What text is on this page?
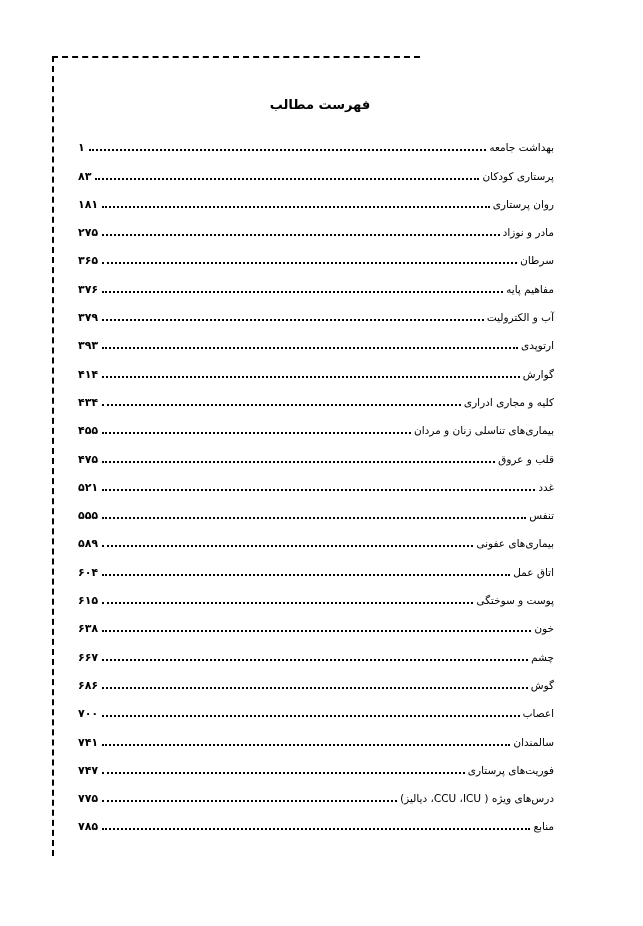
فهرست مطالب
۱	بهداشت جامعه
۸۳	پرستاری کودکان
۱۸۱	روان پرستاری
۲۷۵	مادر و نوزاد
۳۶۵	سرطان
۳۷۶	مفاهیم پایه
۳۷۹	آب و الکترولیت
۳۹۳	ارتوپدی
۴۱۴	گوارش
۴۳۴	کلیه و مجاری ادراری
۴۵۵	بیماری‌های تناسلی زنان و مردان
۴۷۵	قلب و عروق
۵۲۱	غدد
۵۵۵	تنفس
۵۸۹	بیماری‌های عفونی
۶۰۴	اتاق عمل
۶۱۵	پوست و سوختگی
۶۳۸	خون
۶۶۷	چشم
۶۸۶	گوش
۷۰۰	اعصاب
۷۴۱	سالمندان
۷۴۷	فوریت‌های پرستاری
۷۷۵	درس‌های ویژه ( CCU ،ICU، دیالیز)
۷۸۵	منابع
